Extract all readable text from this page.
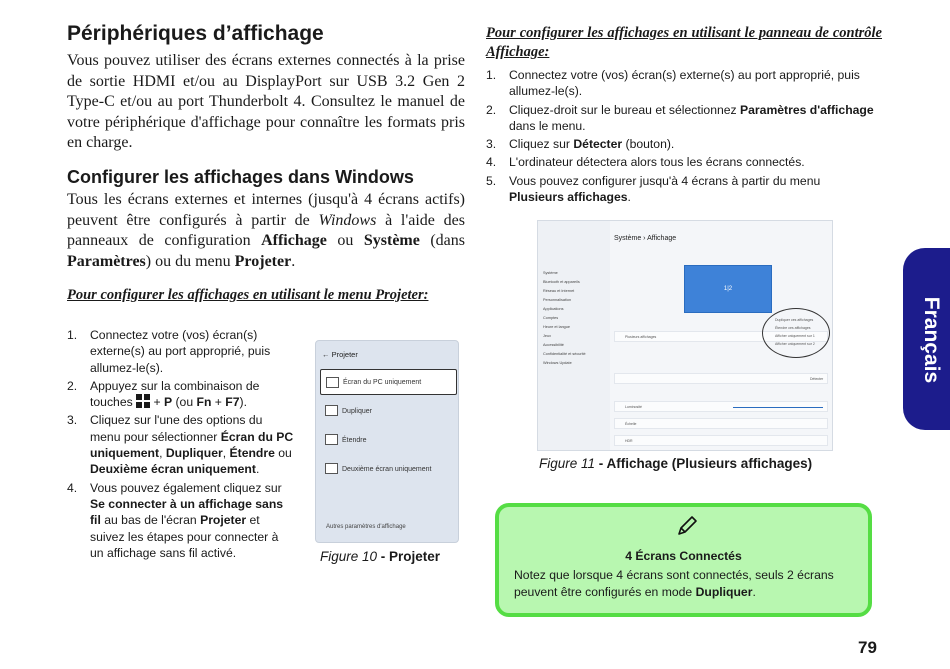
Périphériques d’affichage

Vous pouvez utiliser des écrans externes connectés à la prise de sortie HDMI et/ou au DisplayPort sur USB 3.2 Gen 2 Type-C et/ou au port Thunderbolt 4. Consultez le manuel de votre périphérique d'affichage pour connaître les formats pris en charge.

Configurer les affichages dans Windows

Tous les écrans externes et internes (jusqu'à 4 écrans actifs) peuvent être configurés à partir de Windows à l'aide des panneaux de configuration Affichage ou Système (dans Paramètres) ou du menu Projeter.

Pour configurer les affichages en utilisant le menu Projeter:
1. Connectez votre (vos) écran(s) externe(s) au port approprié, puis allumez-le(s).
2. Appuyez sur la combinaison de touches
+ P (ou Fn + F7).
3. Cliquez sur l'une des options du menu pour sélectionner Écran du PC uniquement, Dupliquer, Étendre ou Deuxième écran uniquement.
4. Vous pouvez également cliquez sur Se connecter à un affichage sans fil au bas de l'écran Projeter et suivez les étapes pour connecter à un affichage sans fil activé.
← Projeter
Écran du PC uniquement
Dupliquer
Étendre
Deuxième écran uniquement
Autres paramètres d'affichage
Figure 10 - Projeter
Pour configurer les affichages en utilisant le panneau de contrôle Affichage:
1. Connectez votre (vos) écran(s) externe(s) au port approprié, puis allumez-le(s).
2. Cliquez-droit sur le bureau et sélectionnez Paramètres d'affichage dans le menu.
3. Cliquez sur Détecter (bouton).
4. L'ordinateur détectera alors tous les écrans connectés.
5. Vous pouvez configurer jusqu'à 4 écrans à partir du menu Plusieurs affichages.
Système
Bluetooth et appareils
Réseau et Internet
Personnalisation
Applications
Comptes
Heure et langue
Jeux
Accessibilité
Confidentialité et sécurité
Windows Update
Système › Affichage
1|2
Plusieurs affichages
Détecter
Luminosité
Échelle
HDR
Dupliquer ces affichages
Étendre ces affichages
Afficher uniquement sur 1
Afficher uniquement sur 2
Figure 11 - Affichage (Plusieurs affichages)
4 Écrans Connectés
Notez que lorsque 4 écrans sont connectés, seuls 2 écrans peuvent être configurés en mode Dupliquer.
Français
79
